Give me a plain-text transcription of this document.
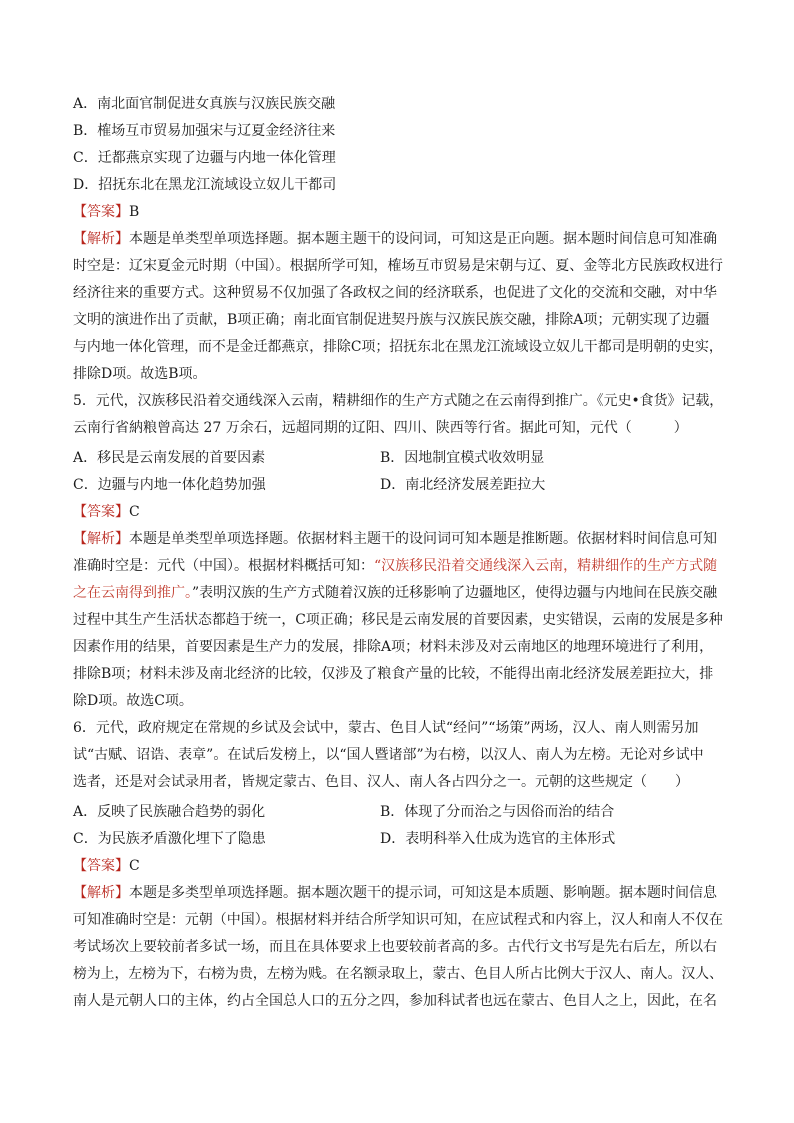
A．南北面官制促进女真族与汉族民族交融
B．榷场互市贸易加强宋与辽夏金经济往来
C．迁都燕京实现了边疆与内地一体化管理
D．招抚东北在黑龙江流域设立奴儿干都司
【答案】B
【解析】本题是单类型单项选择题。据本题主题干的设问词，可知这是正向题。据本题时间信息可知准确
时空是：辽宋夏金元时期（中国）。根据所学可知，榷场互市贸易是宋朝与辽、夏、金等北方民族政权进行
经济往来的重要方式。这种贸易不仅加强了各政权之间的经济联系，也促进了文化的交流和交融，对中华
文明的演进作出了贡献，B项正确；南北面官制促进契丹族与汉族民族交融，排除A项；元朝实现了边疆
与内地一体化管理，而不是金迁都燕京，排除C项；招抚东北在黑龙江流域设立奴儿干都司是明朝的史实，
排除D项。故选B项。
5．元代，汉族移民沿着交通线深入云南，精耕细作的生产方式随之在云南得到推广。《元史•食货》记载，
云南行省納粮曾高达 27 万余石，远超同期的辽阳、四川、陕西等行省。据此可知，元代（　　　）
A．移民是云南发展的首要因素	B．因地制宜模式收效明显
C．边疆与内地一体化趋势加强	D．南北经济发展差距拉大
【答案】C
【解析】本题是单类型单项选择题。依据材料主题干的设问词可知本题是推断题。依据材料时间信息可知
准确时空是：元代（中国）。根据材料概括可知：“汉族移民沿着交通线深入云南，精耕细作的生产方式随
之在云南得到推广。”表明汉族的生产方式随着汉族的迁移影响了边疆地区，使得边疆与内地间在民族交融
过程中其生产生活状态都趋于统一，C项正确；移民是云南发展的首要因素，史实错误，云南的发展是多种
因素作用的结果，首要因素是生产力的发展，排除A项；材料未涉及对云南地区的地理环境进行了利用，
排除B项；材料未涉及南北经济的比较，仅涉及了粮食产量的比较，不能得出南北经济发展差距拉大，排
除D项。故选C项。
6．元代，政府规定在常规的乡试及会试中，蒙古、色目人试“经问”“场策”两场，汉人、南人则需另加
试“古赋、诏诰、表章”。在试后发榜上，以“国人暨诸部”为右榜，以汉人、南人为左榜。无论对乡试中
选者，还是对会试录用者，皆规定蒙古、色目、汉人、南人各占四分之一。元朝的这些规定（　　）
A．反映了民族融合趋势的弱化	B．体现了分而治之与因俗而治的结合
C．为民族矛盾激化埋下了隐患	D．表明科举入仕成为选官的主体形式
【答案】C
【解析】本题是多类型单项选择题。据本题次题干的提示词，可知这是本质题、影响题。据本题时间信息
可知准确时空是：元朝（中国）。根据材料并结合所学知识可知，在应试程式和内容上，汉人和南人不仅在
考试场次上要较前者多试一场，而且在具体要求上也要较前者高的多。古代行文书写是先右后左，所以右
榜为上，左榜为下，右榜为贵，左榜为贱。在名额录取上，蒙古、色目人所占比例大于汉人、南人。汉人、
南人是元朝人口的主体，约占全国总人口的五分之四，参加科试者也远在蒙古、色目人之上，因此，在名
